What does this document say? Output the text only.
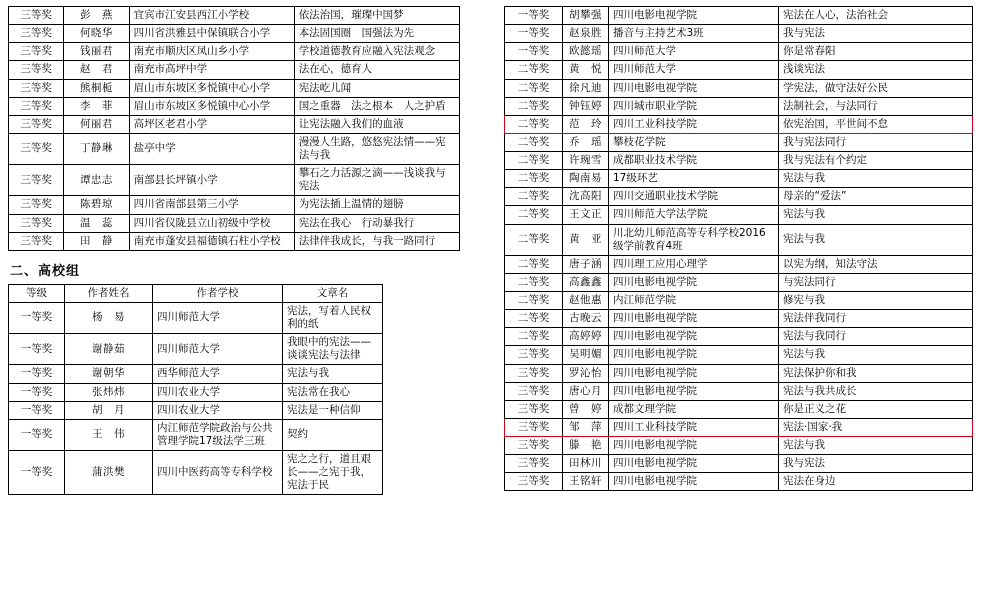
三等奖	彭　燕	宜宾市江安县西江小学校	依法治国，璀璨中国梦
三等奖	何晓华	四川省洪雅县中保镇联合小学	本法固国圈　国强法为先
三等奖	钱丽君	南充市顺庆区凤山乡小学	学校道德教育应融入宪法观念
三等奖	赵　君	南充市高坪中学	法在心，德育人
三等奖	熊桐栀	眉山市东坡区多悦镇中心小学	宪法屹儿闻
三等奖	李　菲	眉山市东坡区多悦镇中心小学	国之重器　法之根本　人之护盾
三等奖	何丽君	高坪区老君小学	让宪法融入我们的血液
三等奖	丁静琳	盐亭中学	漫漫人生路，悠悠宪法情——宪法与我
三等奖	谭忠志	南部县长坪镇小学	攀石之力活源之滴——浅谈我与宪法
三等奖	陈碧琼	四川省南部县第三小学	为宪法插上温情的翅膀
三等奖	温　蕊	四川省仪陇县立山初级中学校	宪法在我心　行动暴我行
三等奖	田　静	南充市蓬安县福德镇石柱小学校	法律伴我成长，与我一路同行
二、高校组
等级	作者姓名	作者学校	文章名
一等奖	杨　易	四川师范大学	宪法，写着人民权利的纸
一等奖	谢静茹	四川师范大学	我眼中的宪法——谈谈宪法与法律
一等奖	谢朝华	西华师范大学	宪法与我
一等奖	张炜炜	四川农业大学	宪法常在我心
一等奖	胡　月	四川农业大学	宪法是一种信仰
一等奖	王　伟	内江师范学院政治与公共管理学院17级法学三班	契约
一等奖	蒲洪樊	四川中医药高等专科学校	宪之之行，道且艰长——之宪于我，宪法于民
一等奖	胡攀强	四川电影电视学院	宪法在人心，法治社会
一等奖	赵泉胜	播音与主持艺术3班	我与宪法
一等奖	欧懿瑶	四川师范大学	你是常春阳
二等奖	黄　悦	四川师范大学	浅谈宪法
二等奖	徐凡迪	四川电影电视学院	学宪法，做守法好公民
二等奖	钟钰婷	四川城市职业学院	法制社会，与法同行
二等奖	范　玲	四川工业科技学院	依宪治国，平世间不怠
二等奖	乔　瑶	攀枝花学院	我与宪法同行
二等奖	许琬雪	成都职业技术学院	我与宪法有个约定
二等奖	陶南易	17级环艺	宪法与我
二等奖	沈高阳	四川交通职业技术学院	母亲的“爱法”
二等奖	王文正	四川师范大学法学院	宪法与我
二等奖	黄　亚	川北幼儿师范高等专科学校2016级学前教育4班	宪法与我
二等奖	唐子涵	四川理工应用心理学	以宪为纲，知法守法
二等奖	高鑫鑫	四川电影电视学院	与宪法同行
二等奖	赵他惠	内江师范学院	修宪与我
二等奖	古晚云	四川电影电视学院	宪法伴我同行
二等奖	高婷婷	四川电影电视学院	宪法与我同行
三等奖	吴明媚	四川电影电视学院	宪法与我
三等奖	罗沁怡	四川电影电视学院	宪法保护你和我
三等奖	唐心月	四川电影电视学院	宪法与我共成长
三等奖	曾　婷	成都文理学院	你是正义之花
三等奖	邹　萍	四川工业科技学院	宪法·国家·我
三等奖	滕　艳	四川电影电视学院	宪法与我
三等奖	田林川	四川电影电视学院	我与宪法
三等奖	王铭轩	四川电影电视学院	宪法在身边
